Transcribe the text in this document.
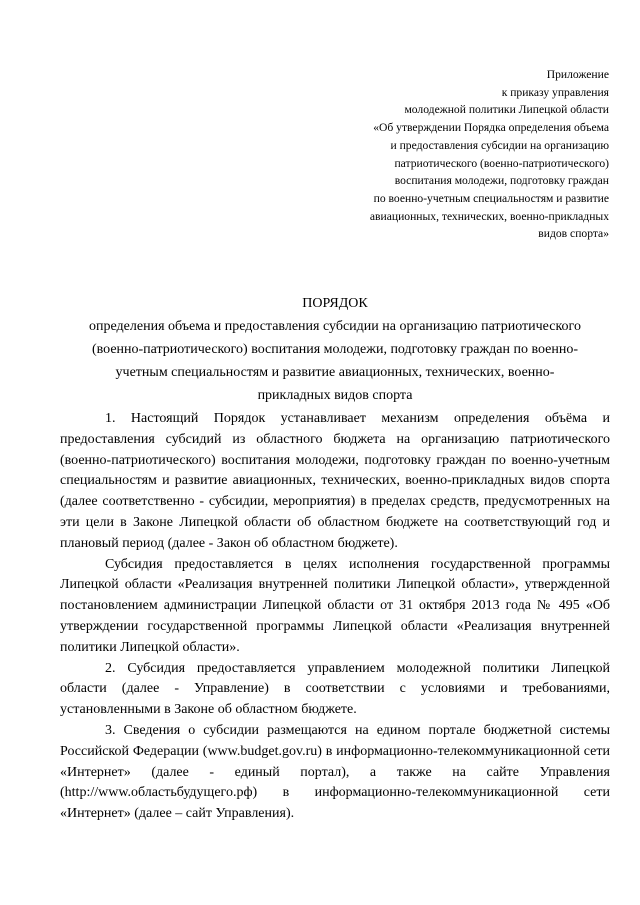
Приложение
к приказу управления
молодежной политики Липецкой области
«Об утверждении Порядка определения объема
и предоставления субсидии на организацию
патриотического (военно-патриотического)
воспитания молодежи, подготовку граждан
по военно-учетным специальностям и развитие
авиационных, технических, военно-прикладных
видов спорта»
ПОРЯДОК
определения объема и предоставления субсидии на организацию патриотического
(военно-патриотического) воспитания молодежи, подготовку граждан по военно-
учетным специальностям и развитие авиационных, технических, военно-
прикладных видов спорта

1. Настоящий Порядок устанавливает механизм определения объёма и предоставления субсидий из областного бюджета на организацию патриотического (военно-патриотического) воспитания молодежи, подготовку граждан по военно-учетным специальностям и развитие авиационных, технических, военно-прикладных видов спорта (далее соответственно - субсидии, мероприятия) в пределах средств, предусмотренных на эти цели в Законе Липецкой области об областном бюджете на соответствующий год и плановый период (далее - Закон об областном бюджете).

Субсидия предоставляется в целях исполнения государственной программы Липецкой области «Реализация внутренней политики Липецкой области», утвержденной постановлением администрации Липецкой области от 31 октября 2013 года № 495 «Об утверждении государственной программы Липецкой области «Реализация внутренней политики Липецкой области».

2. Субсидия предоставляется управлением молодежной политики Липецкой области (далее - Управление) в соответствии с условиями и требованиями, установленными в Законе об областном бюджете.

3. Сведения о субсидии размещаются на едином портале бюджетной системы Российской Федерации (www.budget.gov.ru) в информационно-телекоммуникационной сети «Интернет» (далее - единый портал), а также на сайте Управления (http://www.областьбудущего.рф) в информационно-телекоммуникационной сети «Интернет» (далее – сайт Управления).
